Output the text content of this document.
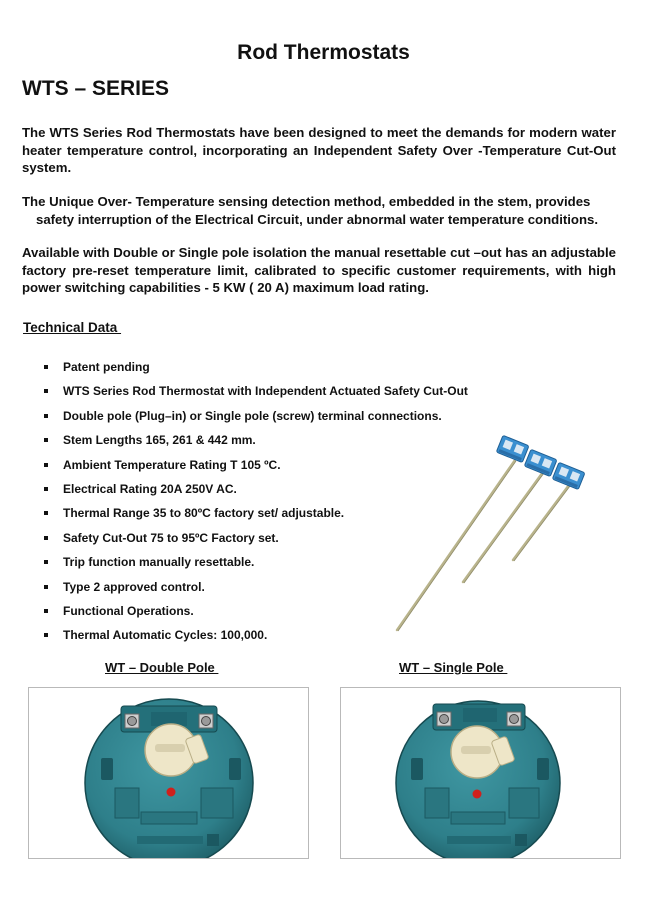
Rod Thermostats
WTS – SERIES
The WTS Series Rod Thermostats have been designed to meet the demands for modern water heater temperature control, incorporating an Independent Safety Over -Temperature Cut-Out system.
The Unique Over- Temperature sensing detection method, embedded in the stem, provides
safety interruption of the Electrical Circuit, under abnormal water temperature conditions.
Available with Double or Single pole isolation the manual resettable cut –out has an adjustable factory pre-reset temperature limit, calibrated to specific customer requirements, with high power switching capabilities - 5 KW ( 20 A) maximum load rating.
Technical Data
Patent pending
WTS Series Rod Thermostat with Independent Actuated Safety Cut-Out
Double pole (Plug–in) or Single pole (screw) terminal connections.
Stem Lengths 165, 261 & 442 mm.
Ambient Temperature Rating T 105 ºC.
Electrical Rating 20A 250V AC.
Thermal Range 35 to 80ºC factory set/ adjustable.
Safety Cut-Out 75 to 95ºC Factory set.
Trip function manually resettable.
Type 2 approved control.
Functional Operations.
Thermal Automatic Cycles: 100,000.
WT – Double Pole	WT – Single Pole
